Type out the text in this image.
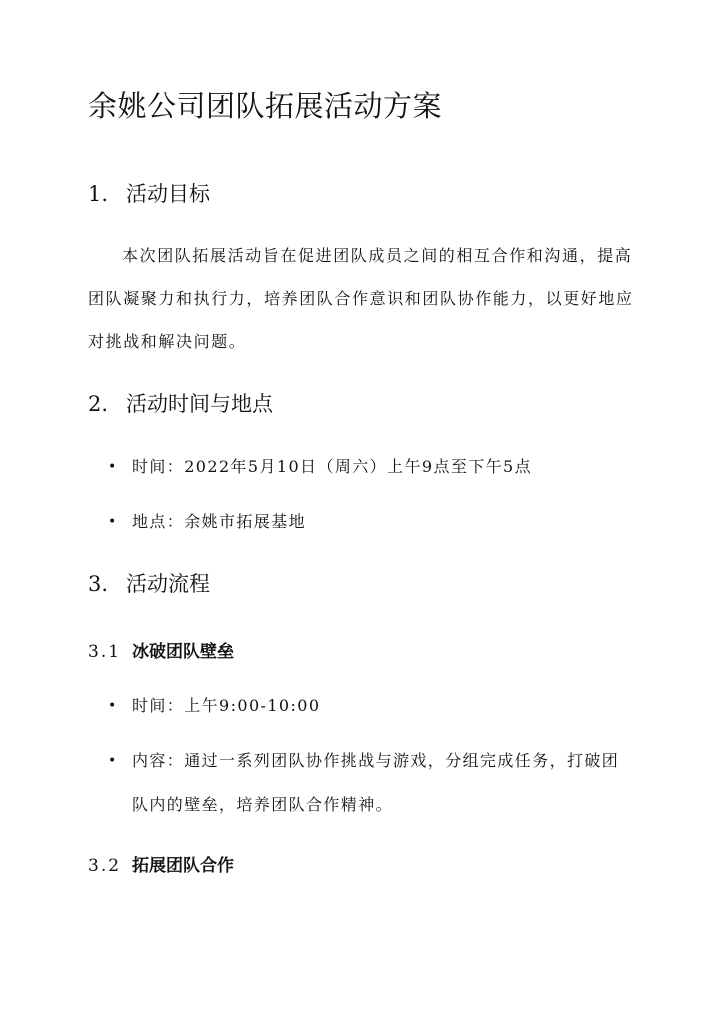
余姚公司团队拓展活动方案
1. 活动目标

本次团队拓展活动旨在促进团队成员之间的相互合作和沟通，提高团队凝聚力和执行力，培养团队合作意识和团队协作能力，以更好地应对挑战和解决问题。

2. 活动时间与地点
• 时间：2022年5月10日（周六）上午9点至下午5点
• 地点：余姚市拓展基地
3. 活动流程
3.1 冰破团队壁垒
• 时间：上午9:00-10:00
• 内容：通过一系列团队协作挑战与游戏，分组完成任务，打破团队内的壁垒，培养团队合作精神。
3.2 拓展团队合作
